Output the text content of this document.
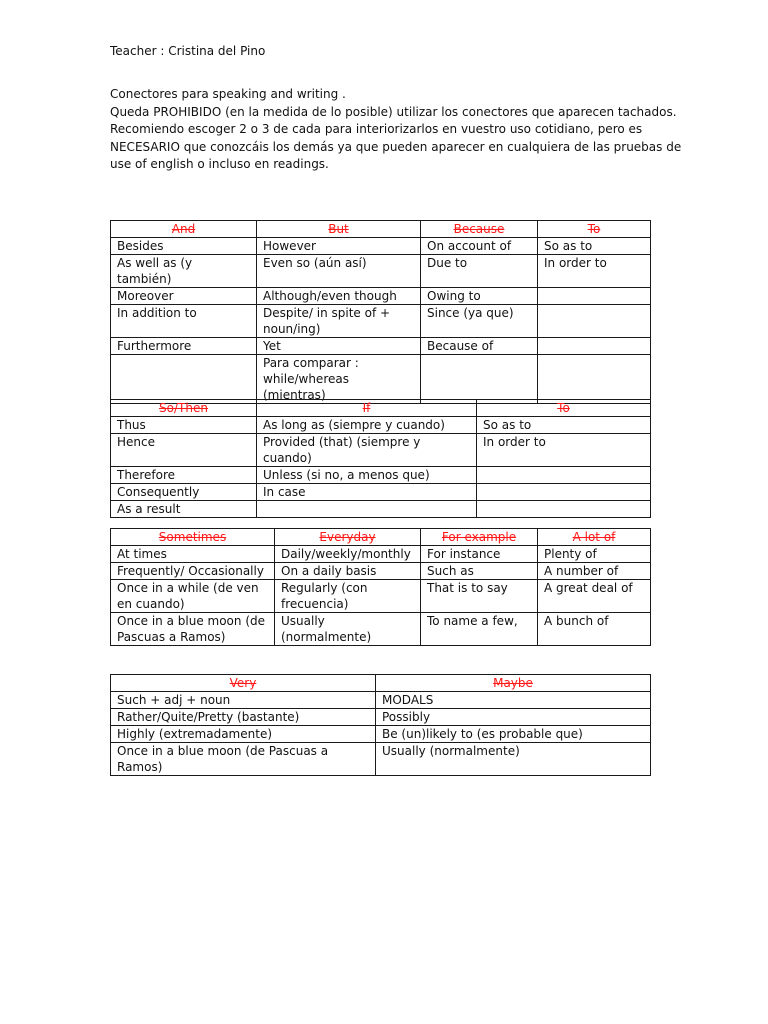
Teacher : Cristina del Pino
Conectores para speaking and writing .
Queda PROHIBIDO (en la medida de lo posible) utilizar los conectores que aparecen tachados.
Recomiendo escoger 2 o 3 de cada para interiorizarlos en vuestro uso cotidiano, pero es
NECESARIO que conozcáis los demás ya que pueden aparecer en cualquiera de las pruebas de
use of english o incluso en readings.
And	But	Because	To
Besides	However	On account of	So as to
As well as (y también)	Even so (aún así)	Due to	In order to
Moreover	Although/even though	Owing to	
In addition to	Despite/ in spite of + noun/ing)	Since (ya que)	
Furthermore	Yet	Because of	
	Para comparar : while/whereas (mientras)		
So/Then	If	To
Thus	As long as (siempre y cuando)	So as to
Hence	Provided (that) (siempre y cuando)	In order to
Therefore	Unless (si no, a menos que)	
Consequently	In case	
As a result		
Sometimes	Everyday	For example	A lot of
At times	Daily/weekly/monthly	For instance	Plenty of
Frequently/ Occasionally	On a daily basis	Such as	A number of
Once in a while (de ven en cuando)	Regularly (con frecuencia)	That is to say	A great deal of
Once in a blue moon (de Pascuas a Ramos)	Usually (normalmente)	To name a few,	A bunch of
Very	Maybe
Such + adj + noun	MODALS
Rather/Quite/Pretty (bastante)	Possibly
Highly (extremadamente)	Be (un)likely to (es probable que)
Once in a blue moon (de Pascuas a Ramos)	Usually (normalmente)
